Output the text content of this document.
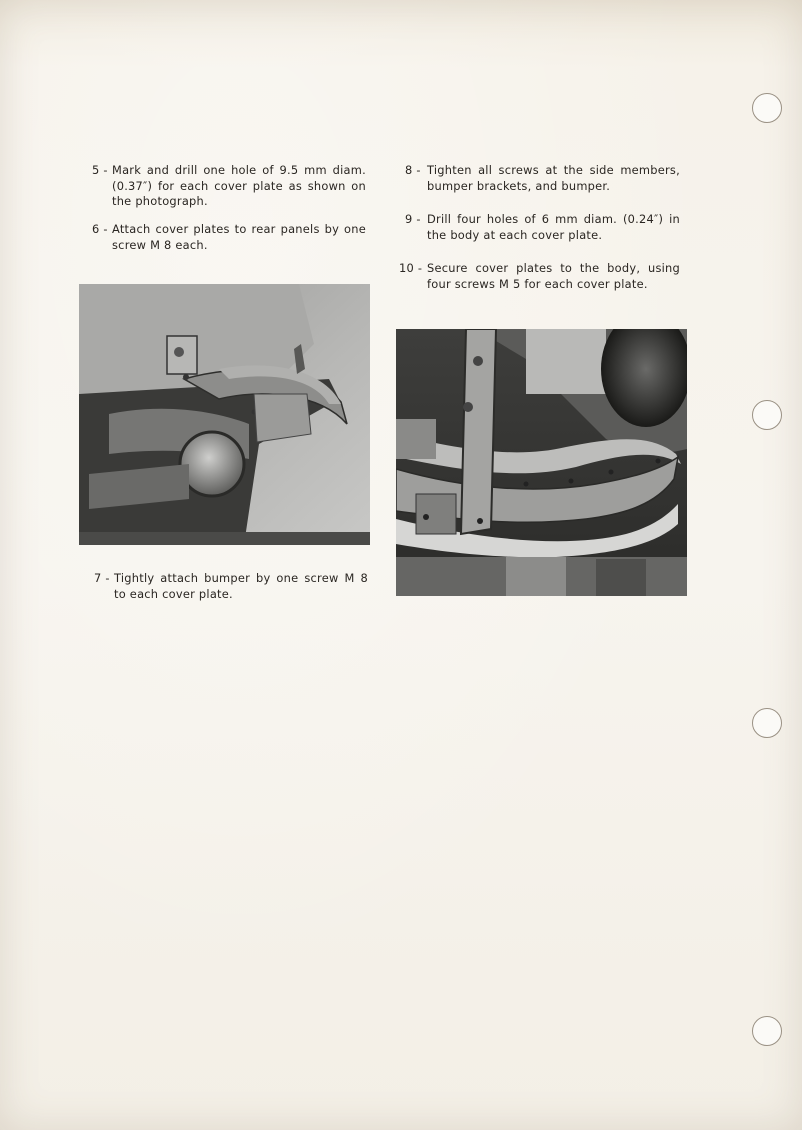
5 - Mark and drill one hole of 9.5 mm diam. (0.37″) for each cover plate as shown on the photograph.
6 - Attach cover plates to rear panels by one screw M 8 each.
7 - Tightly attach bumper by one screw M 8 to each cover plate.
8 - Tighten all screws at the side members, bumper brackets, and bumper.
9 - Drill four holes of 6 mm diam. (0.24″) in the body at each cover plate.
10 - Secure cover plates to the body, using four screws M 5 for each cover plate.
